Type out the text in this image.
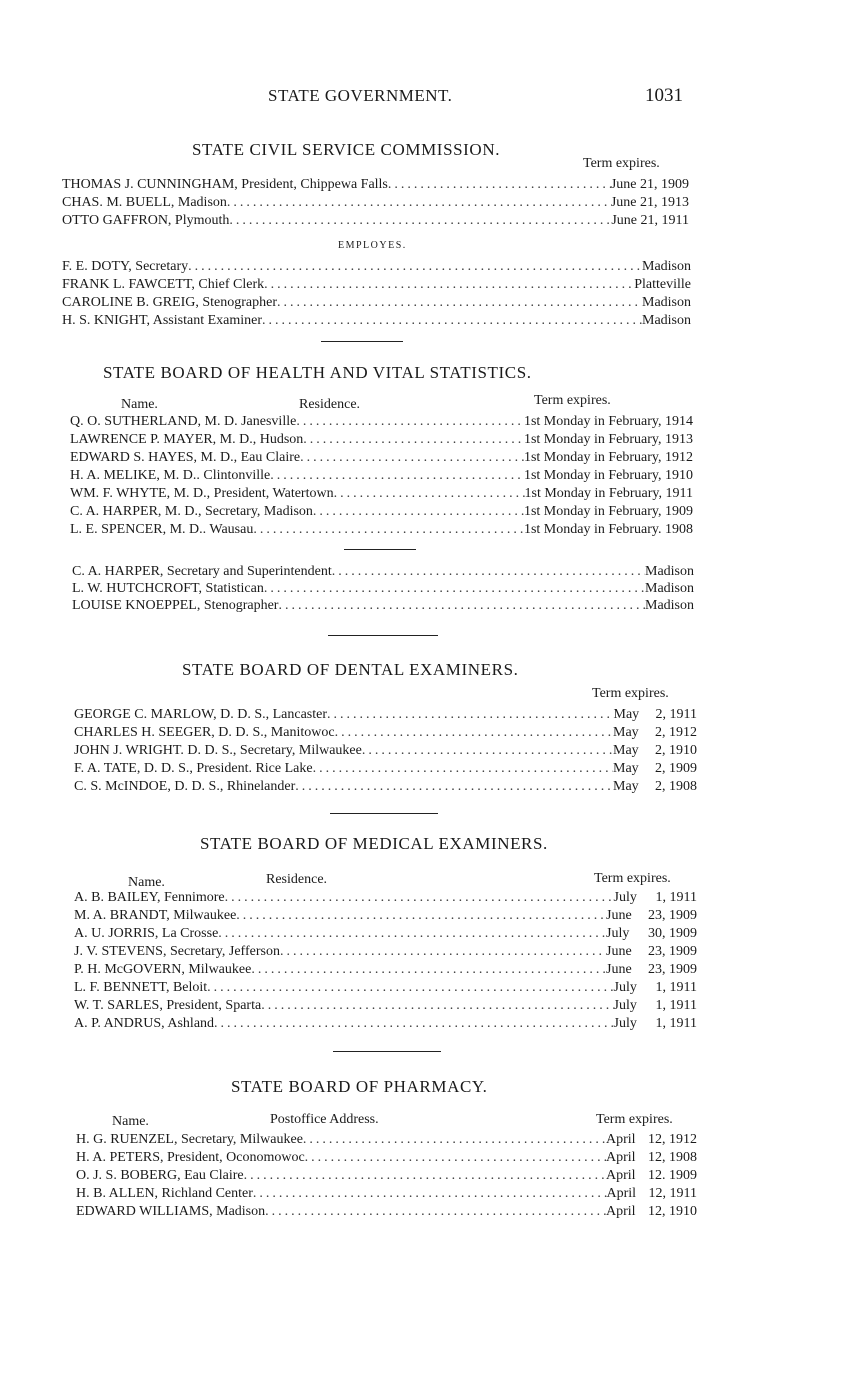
STATE GOVERNMENT.	1031
STATE CIVIL SERVICE COMMISSION.
Term expires.
THOMAS J. CUNNINGHAM, President, Chippewa Falls .....	June 21, 1909
CHAS. M. BUELL, Madison .....	June 21, 1913
OTTO GAFFRON, Plymouth .....	June 21, 1911
EMPLOYES.
F. E. DOTY, Secretary .....	Madison
FRANK L. FAWCETT, Chief Clerk .....	Platteville
CAROLINE B. GREIG, Stenographer .....	Madison
H. S. KNIGHT, Assistant Examiner .....	Madison
STATE BOARD OF HEALTH AND VITAL STATISTICS.
Name.	Residence.	Term expires.
Q. O. SUTHERLAND, M. D. Janesville .....	1st Monday in February, 1914
LAWRENCE P. MAYER, M. D., Hudson .....	1st Monday in February, 1913
EDWARD S. HAYES, M. D., Eau Claire .....	1st Monday in February, 1912
H. A. MELIKE, M. D.. Clintonville .....	1st Monday in February, 1910
WM. F. WHYTE, M. D., President, Watertown .....	1st Monday in February, 1911
C. A. HARPER, M. D., Secretary, Madison .....	1st Monday in February, 1909
L. E. SPENCER, M. D.. Wausau .....	1st Monday in February. 1908
C. A. HARPER, Secretary and Superintendent .....	Madison
L. W. HUTCHCROFT, Statistican .....	Madison
LOUISE KNOEPPEL, Stenographer .....	Madison
STATE BOARD OF DENTAL EXAMINERS.
Term expires.
GEORGE C. MARLOW, D. D. S., Lancaster .....	May 2, 1911
CHARLES H. SEEGER, D. D. S., Manitowoc .....	May 2, 1912
JOHN J. WRIGHT. D. D. S., Secretary, Milwaukee .....	May 2, 1910
F. A. TATE, D. D. S., President. Rice Lake .....	May 2, 1909
C. S. McINDOE, D. D. S., Rhinelander .....	May 2, 1908
STATE BOARD OF MEDICAL EXAMINERS.
Name.	Residence.	Term expires.
A. B. BAILEY, Fennimore .....	July 1, 1911
M. A. BRANDT, Milwaukee .....	June 23, 1909
A. U. JORRIS, La Crosse .....	July 30, 1909
J. V. STEVENS, Secretary, Jefferson .....	June 23, 1909
P. H. McGOVERN, Milwaukee .....	June 23, 1909
L. F. BENNETT, Beloit .....	July 1, 1911
W. T. SARLES, President, Sparta .....	July 1, 1911
A. P. ANDRUS, Ashland .....	July 1, 1911
STATE BOARD OF PHARMACY.
Name.	Postoffice Address.	Term expires.
H. G. RUENZEL, Secretary, Milwaukee .....	April 12, 1912
H. A. PETERS, President, Oconomowoc .....	April 12, 1908
O. J. S. BOBERG, Eau Claire .....	April 12. 1909
H. B. ALLEN, Richland Center .....	April 12, 1911
EDWARD WILLIAMS, Madison .....	April 12, 1910
